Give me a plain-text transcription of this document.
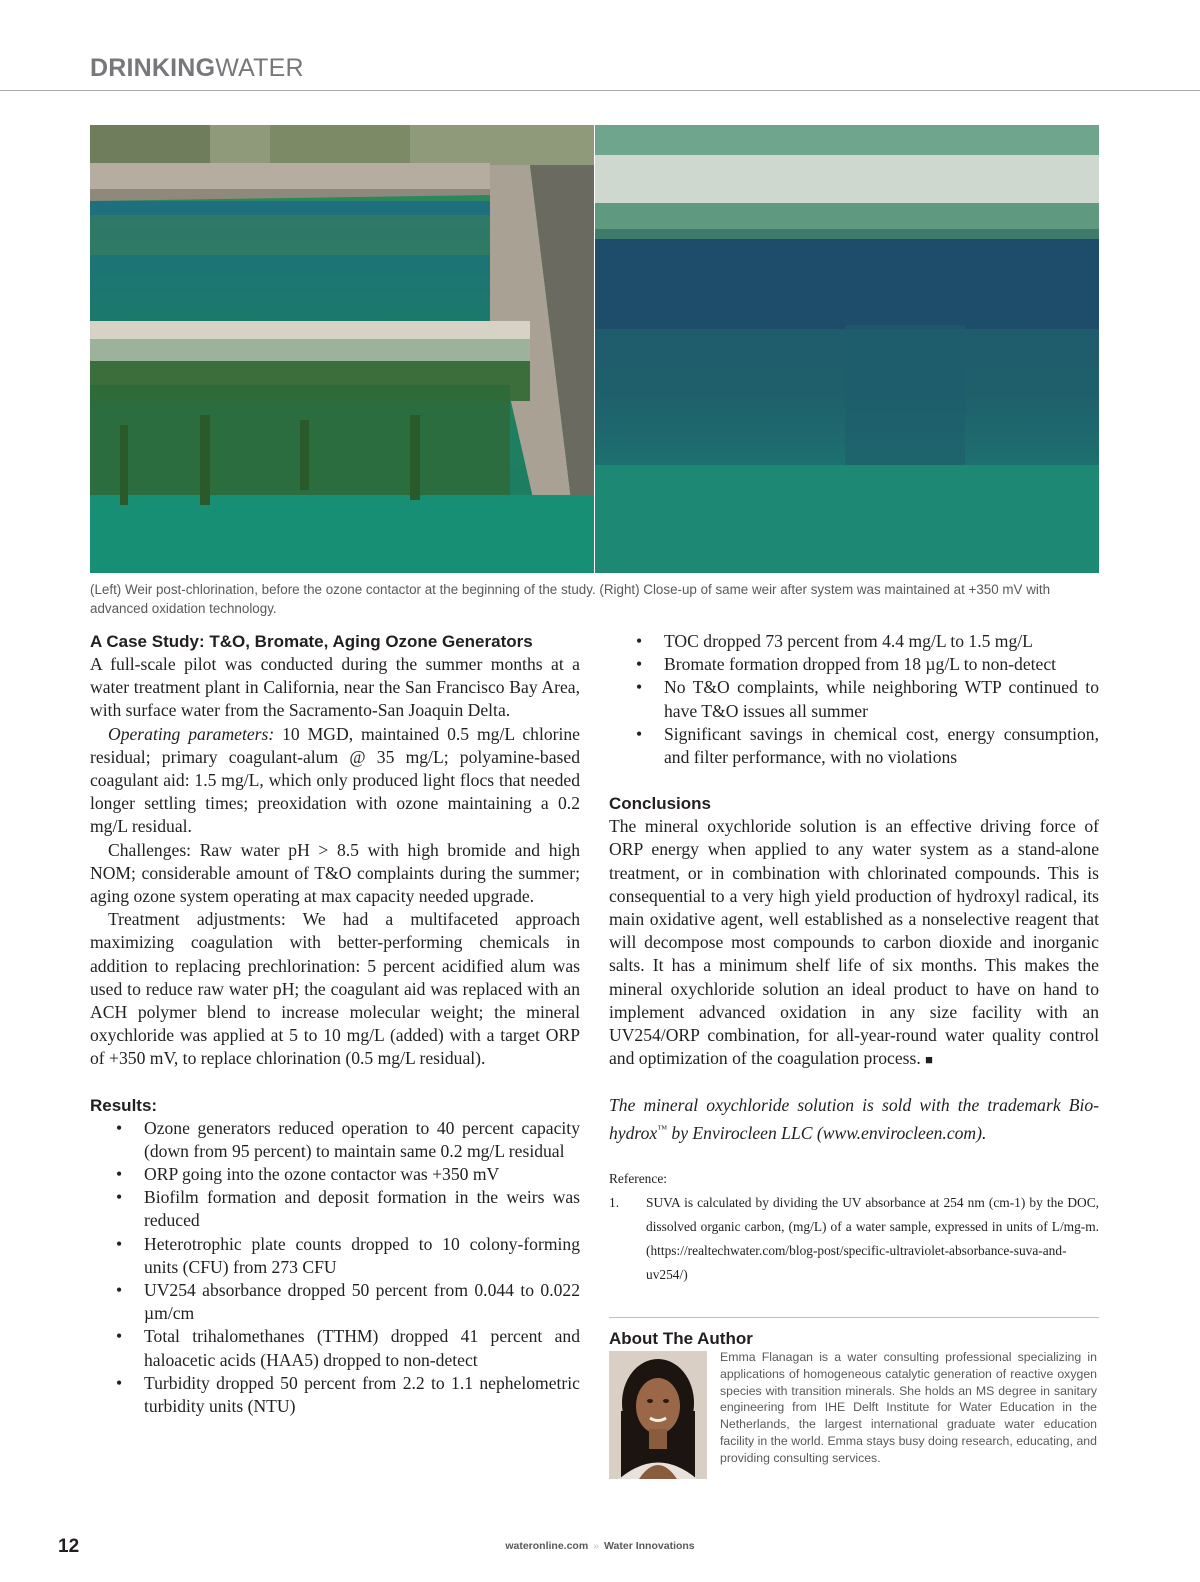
DRINKINGWATER
(Left) Weir post-chlorination, before the ozone contactor at the beginning of the study. (Right) Close-up of same weir after system was maintained at +350 mV with advanced oxidation technology.

A Case Study: T&O, Bromate, Aging Ozone Generators

A full-scale pilot was conducted during the summer months at a water treatment plant in California, near the San Francisco Bay Area, with surface water from the Sacramento-San Joaquin Delta.

Operating parameters: 10 MGD, maintained 0.5 mg/L chlorine residual; primary coagulant-alum @ 35 mg/L; polyamine-based coagulant aid: 1.5 mg/L, which only produced light flocs that needed longer settling times; preoxidation with ozone maintaining a 0.2 mg/L residual.

Challenges: Raw water pH > 8.5 with high bromide and high NOM; considerable amount of T&O complaints during the summer; aging ozone system operating at max capacity needed upgrade.

Treatment adjustments: We had a multifaceted approach maximizing coagulation with better-performing chemicals in addition to replacing prechlorination: 5 percent acidified alum was used to reduce raw water pH; the coagulant aid was replaced with an ACH polymer blend to increase molecular weight; the mineral oxychloride was applied at 5 to 10 mg/L (added) with a target ORP of +350 mV, to replace chlorination (0.5 mg/L residual).

Results:

• Ozone generators reduced operation to 40 percent capacity (down from 95 percent) to maintain same 0.2 mg/L residual
• ORP going into the ozone contactor was +350 mV
• Biofilm formation and deposit formation in the weirs was reduced
• Heterotrophic plate counts dropped to 10 colony-forming units (CFU) from 273 CFU
• UV254 absorbance dropped 50 percent from 0.044 to 0.022 µm/cm
• Total trihalomethanes (TTHM) dropped 41 percent and haloacetic acids (HAA5) dropped to non-detect
• Turbidity dropped 50 percent from 2.2 to 1.1 nephelometric turbidity units (NTU)
• TOC dropped 73 percent from 4.4 mg/L to 1.5 mg/L
• Bromate formation dropped from 18 µg/L to non-detect
• No T&O complaints, while neighboring WTP continued to have T&O issues all summer
• Significant savings in chemical cost, energy consumption, and filter performance, with no violations

Conclusions

The mineral oxychloride solution is an effective driving force of ORP energy when applied to any water system as a stand-alone treatment, or in combination with chlorinated compounds. This is consequential to a very high yield production of hydroxyl radical, its main oxidative agent, well established as a nonselective reagent that will decompose most compounds to carbon dioxide and inorganic salts. It has a minimum shelf life of six months. This makes the mineral oxychloride solution an ideal product to have on hand to implement advanced oxidation in any size facility with an UV254/ORP combination, for all-year-round water quality control and optimization of the coagulation process. ■

The mineral oxychloride solution is sold with the trademark Bio-hydrox™ by Envirocleen LLC (www.envirocleen.com).

Reference:

1. SUVA is calculated by dividing the UV absorbance at 254 nm (cm-1) by the DOC, dissolved organic carbon, (mg/L) of a water sample, expressed in units of L/mg-m. (https://realtechwater.com/blog-post/specific-ultraviolet-absorbance-suva-and-uv254/)

About The Author

Emma Flanagan is a water consulting professional specializing in applications of homogeneous catalytic generation of reactive oxygen species with transition minerals. She holds an MS degree in sanitary engineering from IHE Delft Institute for Water Education in the Netherlands, the largest international graduate water education facility in the world. Emma stays busy doing research, educating, and providing consulting services.
12	wateronline.com » Water Innovations
